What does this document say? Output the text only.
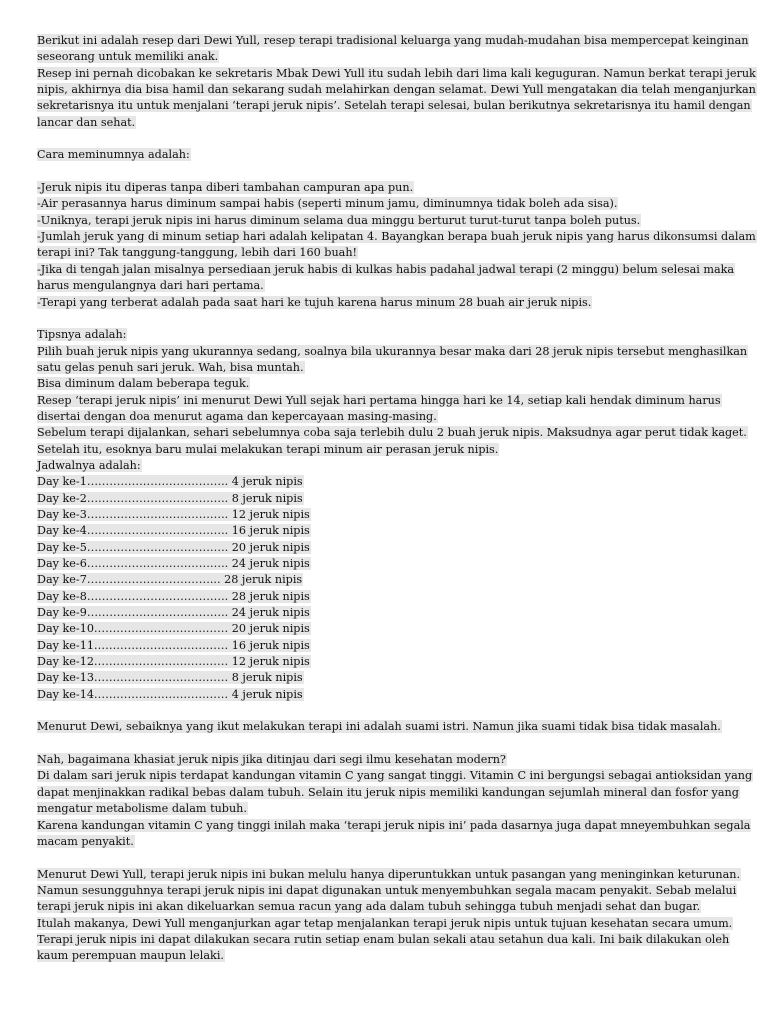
Berikut ini adalah resep dari Dewi Yull, resep terapi tradisional keluarga yang mudah-mudahan bisa mempercepat keinginan
seseorang untuk memiliki anak.
Resep ini pernah dicobakan ke sekretaris Mbak Dewi Yull itu sudah lebih dari lima kali keguguran. Namun berkat terapi jeruk
nipis, akhirnya dia bisa hamil dan sekarang sudah melahirkan dengan selamat. Dewi Yull mengatakan dia telah menganjurkan
sekretarisnya itu untuk menjalani ‘terapi jeruk nipis’. Setelah terapi selesai, bulan berikutnya sekretarisnya itu hamil dengan
lancar dan sehat.
Cara meminumnya adalah:
-Jeruk nipis itu diperas tanpa diberi tambahan campuran apa pun.
-Air perasannya harus diminum sampai habis (seperti minum jamu, diminumnya tidak boleh ada sisa).
-Uniknya, terapi jeruk nipis ini harus diminum selama dua minggu berturut turut-turut tanpa boleh putus.
-Jumlah jeruk yang di minum setiap hari adalah kelipatan 4. Bayangkan berapa buah jeruk nipis yang harus dikonsumsi dalam
terapi ini? Tak tanggung-tanggung, lebih dari 160 buah!
-Jika di tengah jalan misalnya persediaan jeruk habis di kulkas habis padahal jadwal terapi (2 minggu) belum selesai maka
harus mengulangnya dari hari pertama.
-Terapi yang terberat adalah pada saat hari ke tujuh karena harus minum 28 buah air jeruk nipis.
Tipsnya adalah:
Pilih buah jeruk nipis yang ukurannya sedang, soalnya bila ukurannya besar maka dari 28 jeruk nipis tersebut menghasilkan
satu gelas penuh sari jeruk. Wah, bisa muntah.
Bisa diminum dalam beberapa teguk.
Resep ‘terapi jeruk nipis’ ini menurut Dewi Yull sejak hari pertama hingga hari ke 14, setiap kali hendak diminum harus
disertai dengan doa menurut agama dan kepercayaan masing-masing.
Sebelum terapi dijalankan, sehari sebelumnya coba saja terlebih dulu 2 buah jeruk nipis. Maksudnya agar perut tidak kaget.
Setelah itu, esoknya baru mulai melakukan terapi minum air perasan jeruk nipis.
Jadwalnya adalah:
Day ke-1……………………………….. 4 jeruk nipis
Day ke-2……………………………….. 8 jeruk nipis
Day ke-3……………………………….. 12 jeruk nipis
Day ke-4……………………………….. 16 jeruk nipis
Day ke-5……………………………….. 20 jeruk nipis
Day ke-6……………………………….. 24 jeruk nipis
Day ke-7……………………………... 28 jeruk nipis
Day ke-8……………………………….. 28 jeruk nipis
Day ke-9……………………………….. 24 jeruk nipis
Day ke-10……………………………… 20 jeruk nipis
Day ke-11……………………………… 16 jeruk nipis
Day ke-12……………………………… 12 jeruk nipis
Day ke-13……………………………… 8 jeruk nipis
Day ke-14……………………………… 4 jeruk nipis
Menurut Dewi, sebaiknya yang ikut melakukan terapi ini adalah suami istri. Namun jika suami tidak bisa tidak masalah.
Nah, bagaimana khasiat jeruk nipis jika ditinjau dari segi ilmu kesehatan modern?
Di dalam sari jeruk nipis terdapat kandungan vitamin C yang sangat tinggi. Vitamin C ini bergungsi sebagai antioksidan yang
dapat menjinakkan radikal bebas dalam tubuh. Selain itu jeruk nipis memiliki kandungan sejumlah mineral dan fosfor yang
mengatur metabolisme dalam tubuh.
Karena kandungan vitamin C yang tinggi inilah maka ‘terapi jeruk nipis ini’ pada dasarnya juga dapat mneyembuhkan segala
macam penyakit.
Menurut Dewi Yull, terapi jeruk nipis ini bukan melulu hanya diperuntukkan untuk pasangan yang meninginkan keturunan.
Namun sesungguhnya terapi jeruk nipis ini dapat digunakan untuk menyembuhkan segala macam penyakit. Sebab melalui
terapi jeruk nipis ini akan dikeluarkan semua racun yang ada dalam tubuh sehingga tubuh menjadi sehat dan bugar.
Itulah makanya, Dewi Yull menganjurkan agar tetap menjalankan terapi jeruk nipis untuk tujuan kesehatan secara umum.
Terapi jeruk nipis ini dapat dilakukan secara rutin setiap enam bulan sekali atau setahun dua kali. Ini baik dilakukan oleh
kaum perempuan maupun lelaki.
